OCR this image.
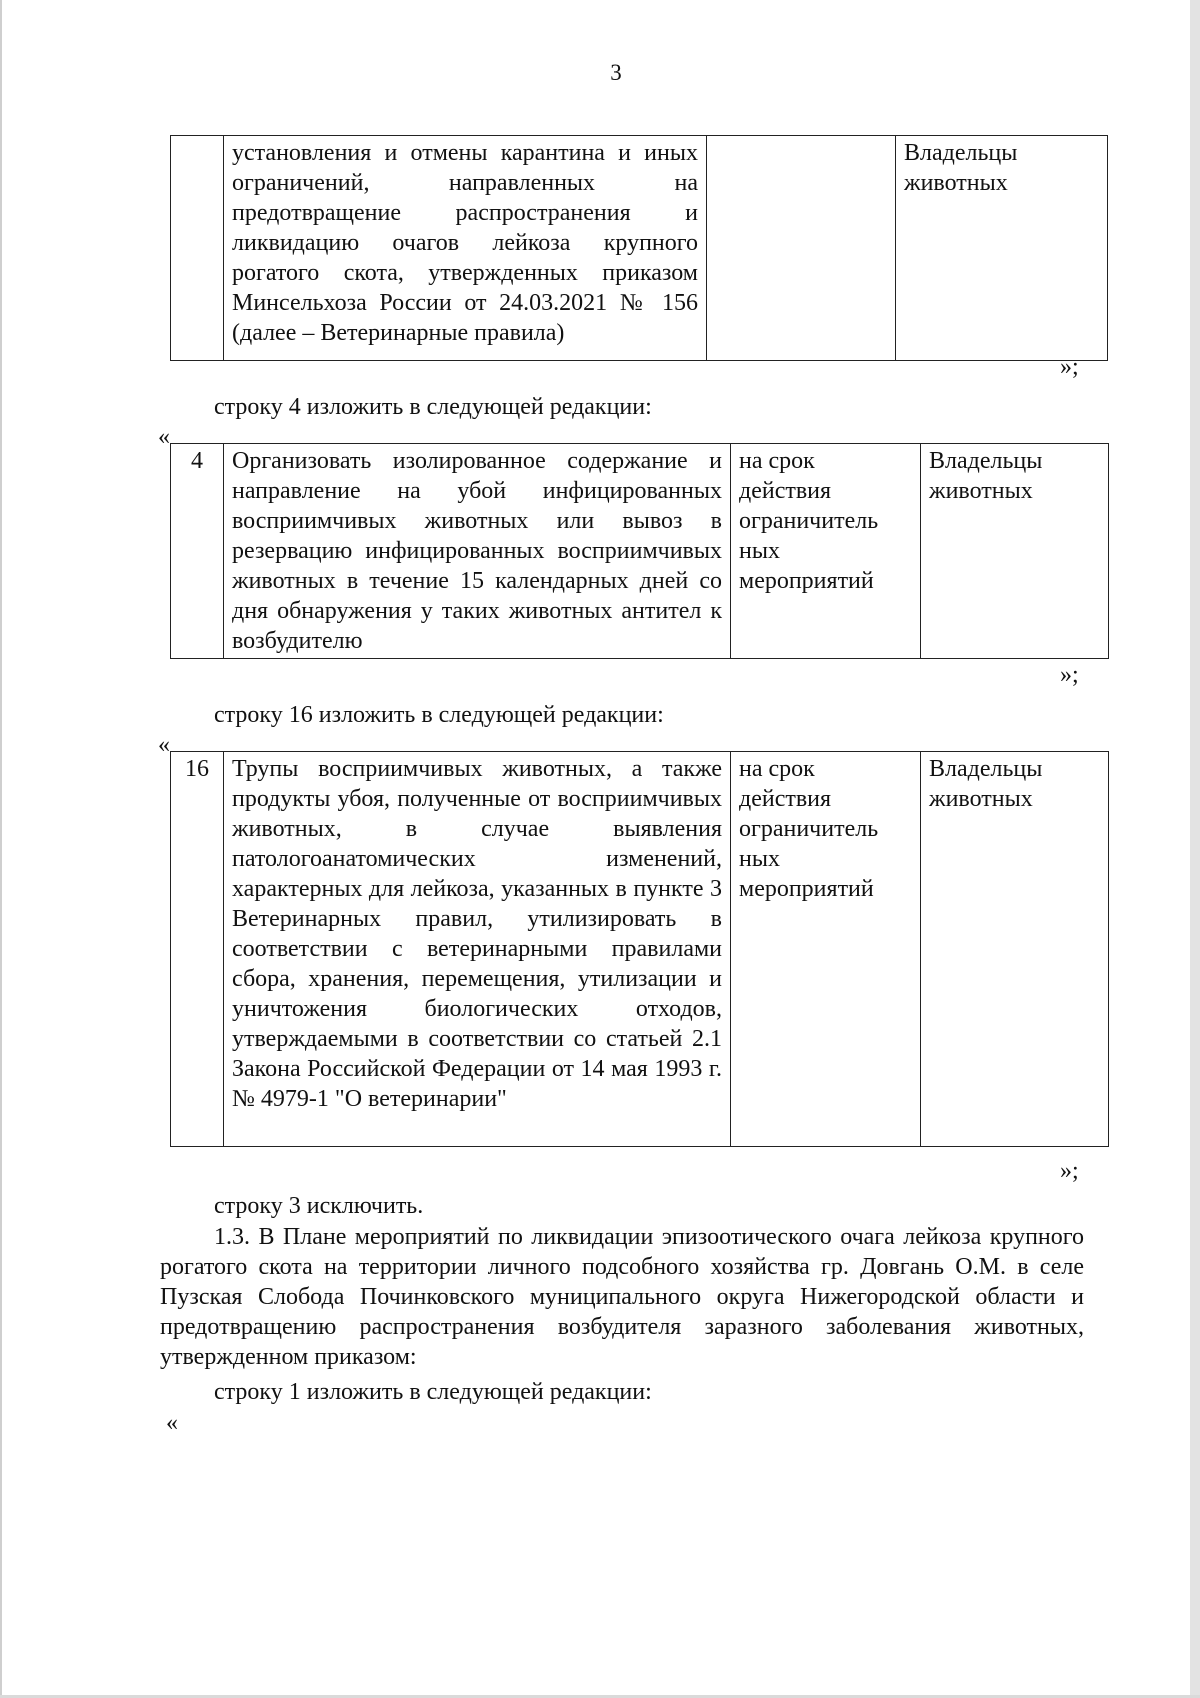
3
	установления и отмены карантина и иных ограничений, направленных на предотвращение распространения и ликвидацию очагов лейкоза крупного рогатого скота, утвержденных приказом Минсельхоза России от 24.03.2021 № 156 (далее – Ветеринарные правила)		Владельцы животных
»;

строку 4 изложить в следующей редакции:

«
4	Организовать изолированное содержание и направление на убой инфицированных восприимчивых животных или вывоз в резервацию инфицированных восприимчивых животных в течение 15 календарных дней со дня обнаружения у таких животных антител к возбудителю	на срок действия ограничитель ных мероприятий	Владельцы животных
»;

строку 16 изложить в следующей редакции:

«
16	Трупы восприимчивых животных, а также продукты убоя, полученные от восприимчивых животных, в случае выявления патологоанатомических изменений, характерных для лейкоза, указанных в пункте 3 Ветеринарных правил, утилизировать в соответствии с ветеринарными правилами сбора, хранения, перемещения, утилизации и уничтожения биологических отходов, утверждаемыми в соответствии со статьей 2.1 Закона Российской Федерации от 14 мая 1993 г. № 4979-1 "О ветеринарии"	на срок действия ограничитель ных мероприятий	Владельцы животных
»;

строку 3 исключить.

1.3. В Плане мероприятий по ликвидации эпизоотического очага лейкоза крупного рогатого скота на территории личного подсобного хозяйства гр. Довгань О.М. в селе Пузская Слобода Починковского муниципального округа Нижегородской области и предотвращению распространения возбудителя заразного заболевания животных, утвержденном приказом:

строку 1 изложить в следующей редакции:

«
